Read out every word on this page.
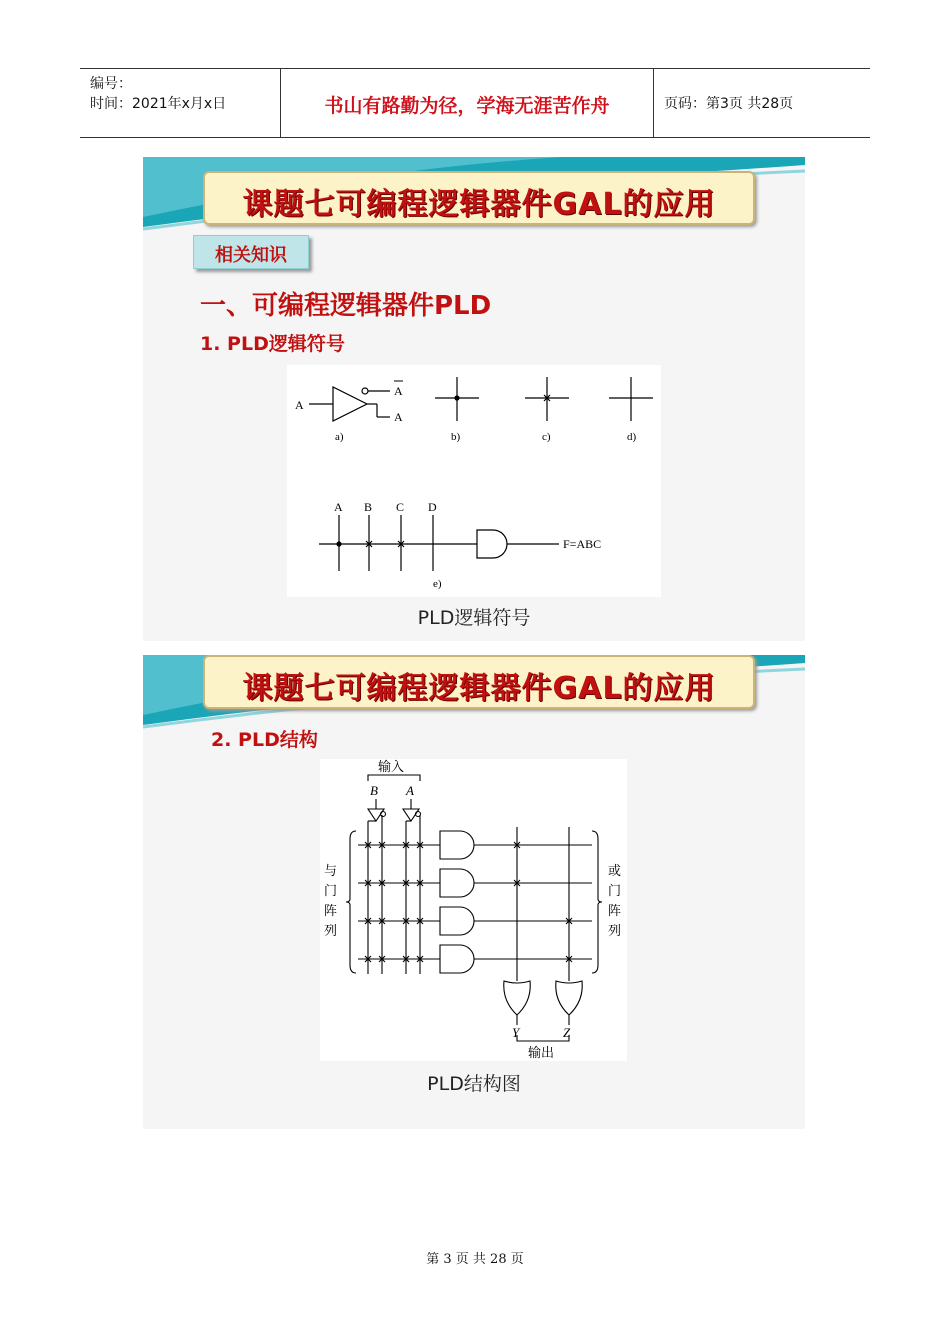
编号：
时间：2021年x月x日	书山有路勤为径，学海无涯苦作舟	页码：第3页 共28页
课题七可编程逻辑器件GAL的应用
相关知识
一、可编程逻辑器件PLD
1. PLD逻辑符号
A
A
A
a)	b)	c)	d)
A B C D
F=ABC
e)
PLD逻辑符号
课题七可编程逻辑器件GAL的应用
2. PLD结构
输入
B A
与
门
阵
列
或
门
阵
列
Y	Z
输出
PLD结构图
第 3 页 共 28 页
